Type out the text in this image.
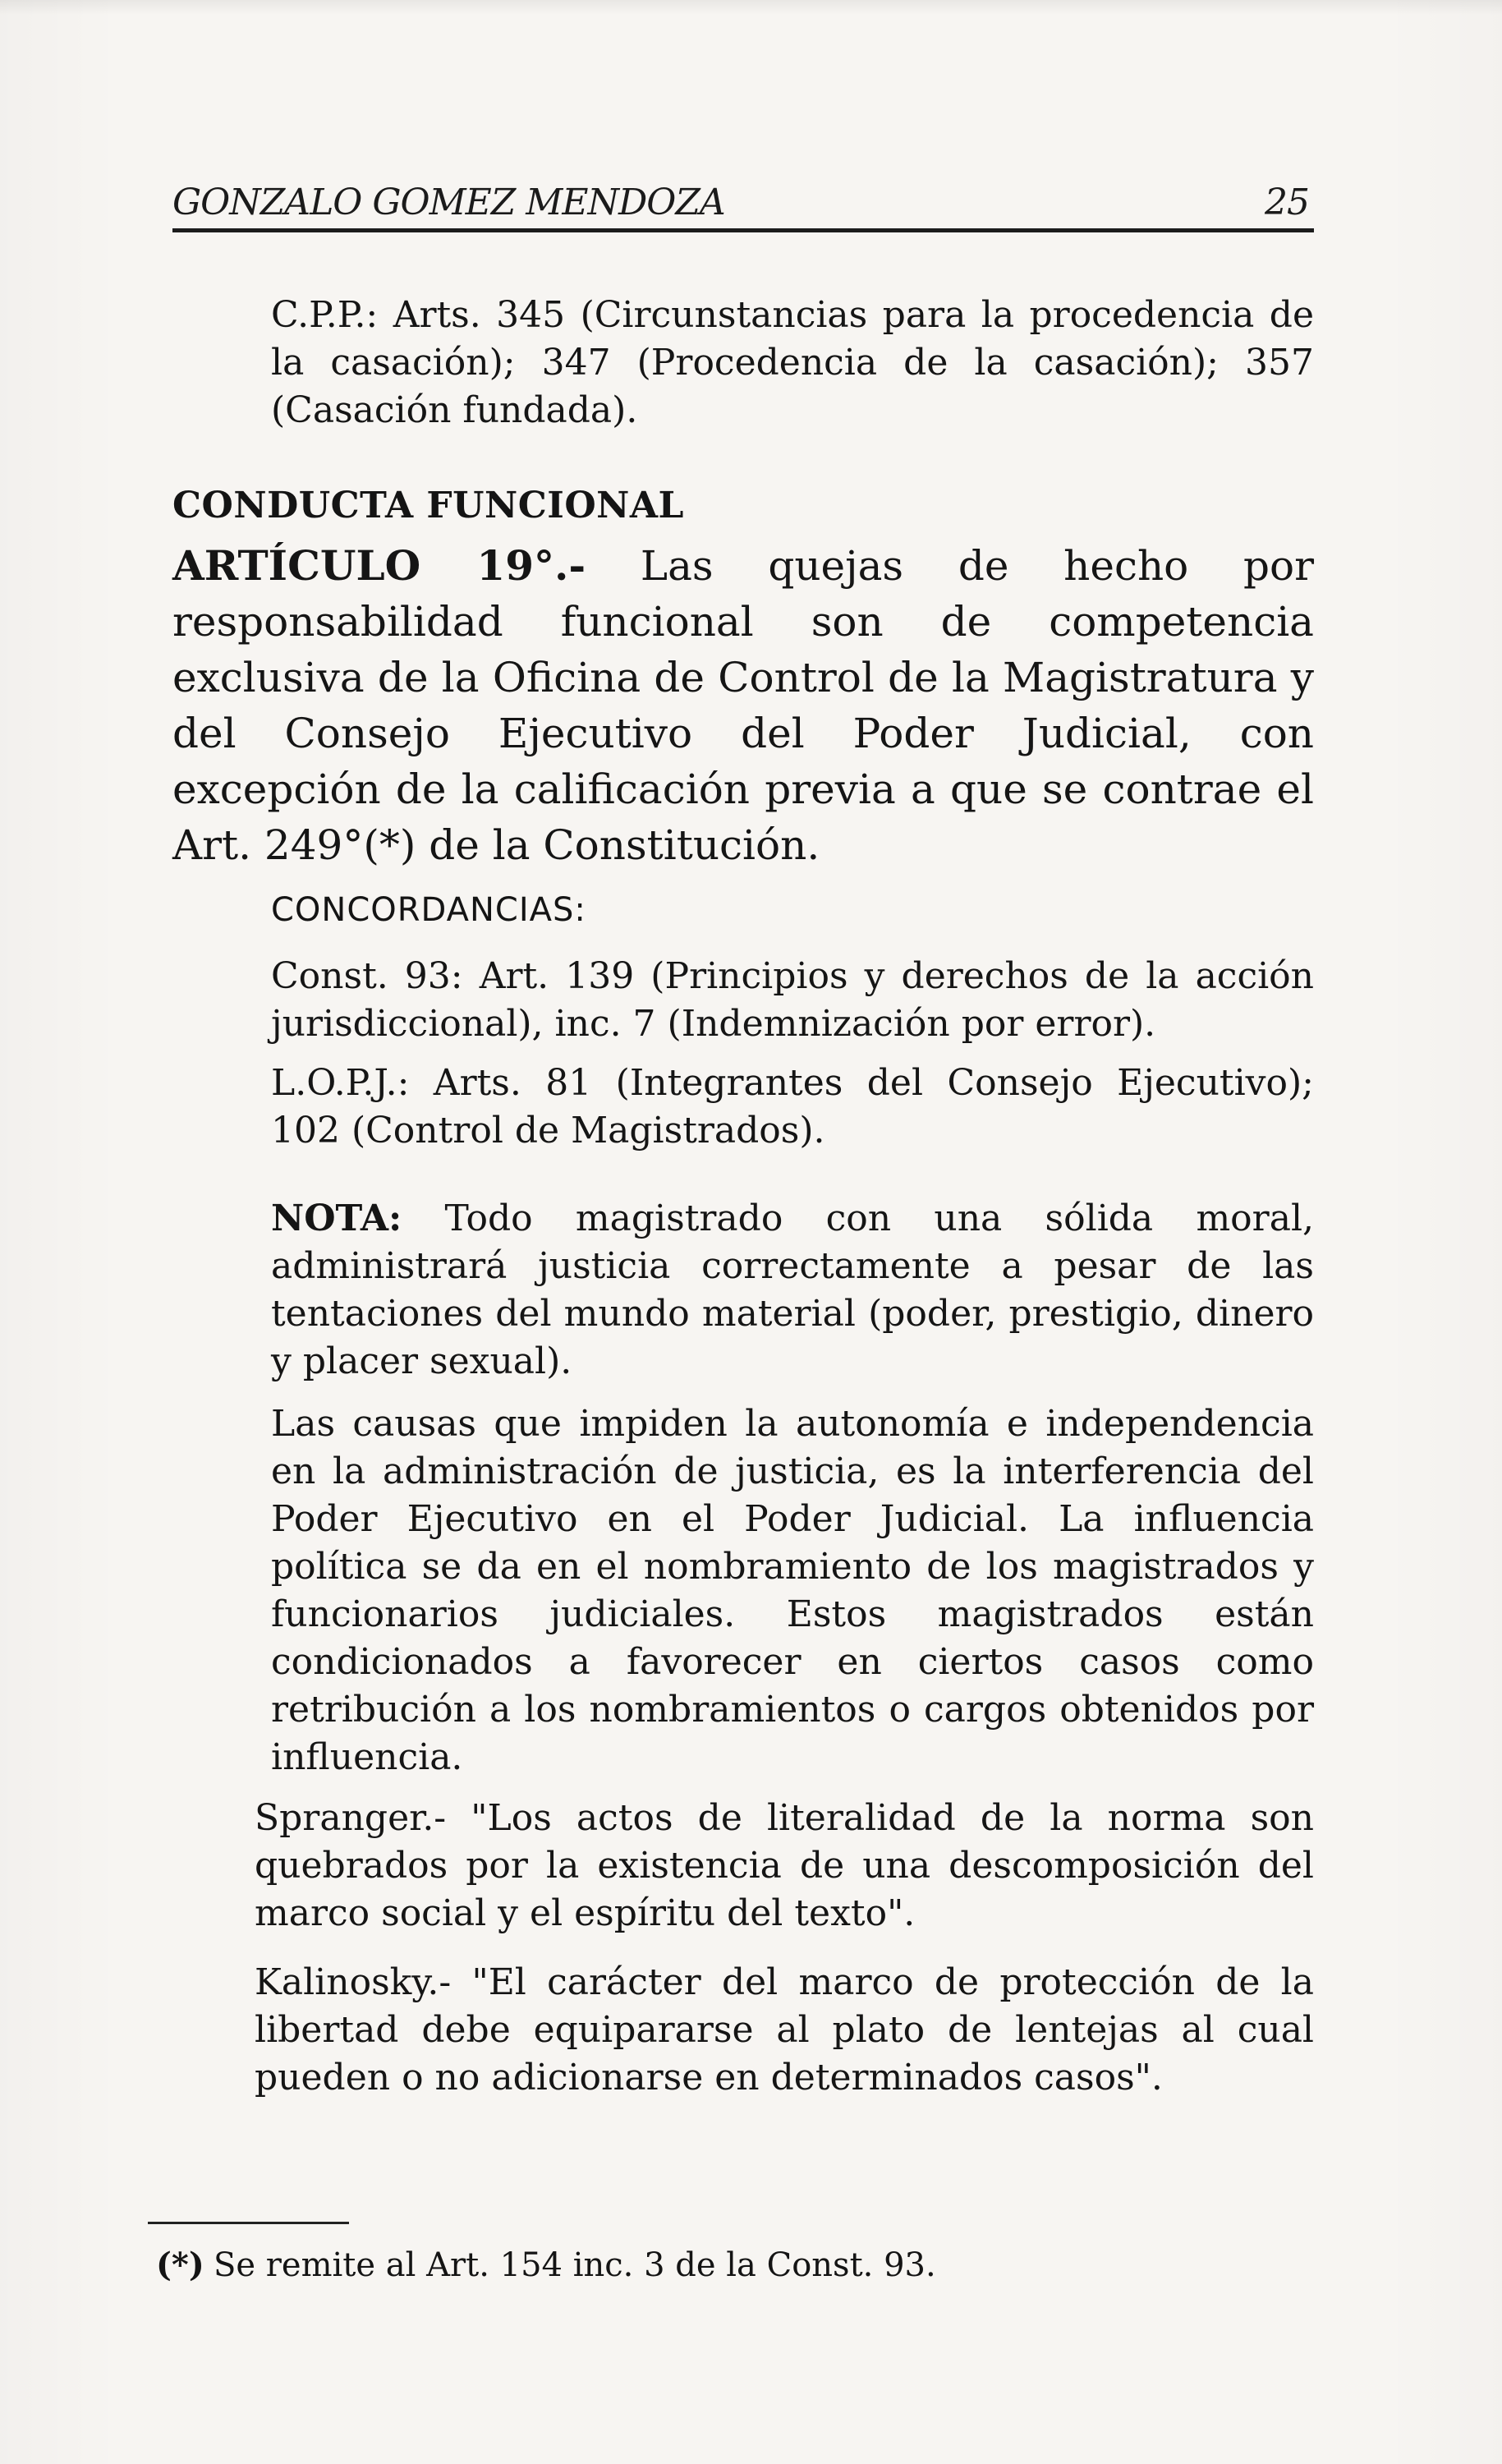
GONZALO GOMEZ MENDOZA	25

C.P.P.: Arts. 345 (Circunstancias para la procedencia de la casación); 347 (Procedencia de la casación); 357 (Casación fundada).

CONDUCTA FUNCIONAL

ARTÍCULO 19°.- Las quejas de hecho por responsabilidad funcional son de competencia exclusiva de la Oficina de Control de la Magistratura y del Consejo Ejecutivo del Poder Judicial, con excepción de la calificación previa a que se contrae el Art. 249°(*) de la Constitución.

CONCORDANCIAS:

Const. 93: Art. 139 (Principios y derechos de la acción jurisdiccional), inc. 7 (Indemnización por error).

L.O.P.J.: Arts. 81 (Integrantes del Consejo Ejecutivo); 102 (Control de Magistrados).

NOTA: Todo magistrado con una sólida moral, administrará justicia correctamente a pesar de las tentaciones del mundo material (poder, prestigio, dinero y placer sexual).

Las causas que impiden la autonomía e independencia en la administración de justicia, es la interferencia del Poder Ejecutivo en el Poder Judicial. La influencia política se da en el nombramiento de los magistrados y funcionarios judiciales. Estos magistrados están condicionados a favorecer en ciertos casos como retribución a los nombramientos o cargos obtenidos por influencia.

Spranger.- "Los actos de literalidad de la norma son quebrados por la existencia de una descomposición del marco social y el espíritu del texto".

Kalinosky.- "El carácter del marco de protección de la libertad debe equipararse al plato de lentejas al cual pueden o no adicionarse en determinados casos".

(*) Se remite al Art. 154 inc. 3 de la Const. 93.
